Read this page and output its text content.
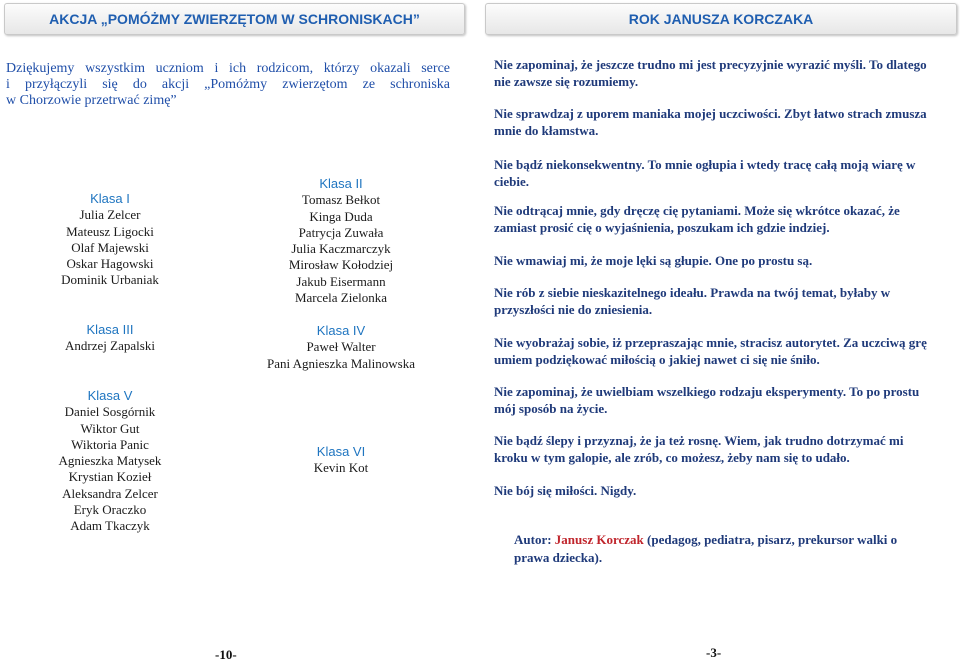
AKCJA „POMÓŻMY ZWIERZĘTOM W SCHRONISKACH”	ROK JANUSZA KORCZAKA
Dziękujemy wszystkim uczniom i ich rodzicom, którzy okazali serce
i przyłączyli się do akcji „Pomóżmy zwierzętom ze schroniska
w Chorzowie przetrwać zimę”
Klasa I
Julia Zelcer
Mateusz Ligocki
Olaf Majewski
Oskar Hagowski
Dominik Urbaniak
Klasa II
Tomasz Bełkot
Kinga Duda
Patrycja Zuwała
Julia Kaczmarczyk
Mirosław Kołodziej
Jakub Eisermann
Marcela Zielonka
Klasa III
Andrzej Zapalski
Klasa IV
Paweł Walter
Pani Agnieszka Malinowska
Klasa V
Daniel Sosgórnik
Wiktor Gut
Wiktoria Panic
Agnieszka Matysek
Krystian Kozieł
Aleksandra Zelcer
Eryk Oraczko
Adam Tkaczyk
Klasa VI
Kevin Kot

Nie zapominaj, że jeszcze trudno mi jest precyzyjnie wyrazić myśli. To dlatego nie zawsze się rozumiemy.

Nie sprawdzaj z uporem maniaka mojej uczciwości. Zbyt łatwo strach zmusza mnie do kłamstwa.

Nie bądź niekonsekwentny. To mnie ogłupia i wtedy tracę całą moją wiarę w ciebie.

Nie odtrącaj mnie, gdy dręczę cię pytaniami. Może się wkrótce okazać, że zamiast prosić cię o wyjaśnienia, poszukam ich gdzie indziej.

Nie wmawiaj mi, że moje lęki są głupie. One po prostu są.

Nie rób z siebie nieskazitelnego ideału. Prawda na twój temat, byłaby w przyszłości nie do zniesienia.

Nie wyobrażaj sobie, iż przepraszając mnie, stracisz autorytet. Za uczciwą grę umiem podziękować miłością o jakiej nawet ci się nie śniło.

Nie zapominaj, że uwielbiam wszelkiego rodzaju eksperymenty. To po prostu mój sposób na życie.

Nie bądź ślepy i przyznaj, że ja też rosnę. Wiem, jak trudno dotrzymać mi kroku w tym galopie, ale zrób, co możesz, żeby nam się to udało.

Nie bój się miłości. Nigdy.

Autor: Janusz Korczak (pedagog, pediatra, pisarz, prekursor walki o prawa dziecka).
-10-	-3-
